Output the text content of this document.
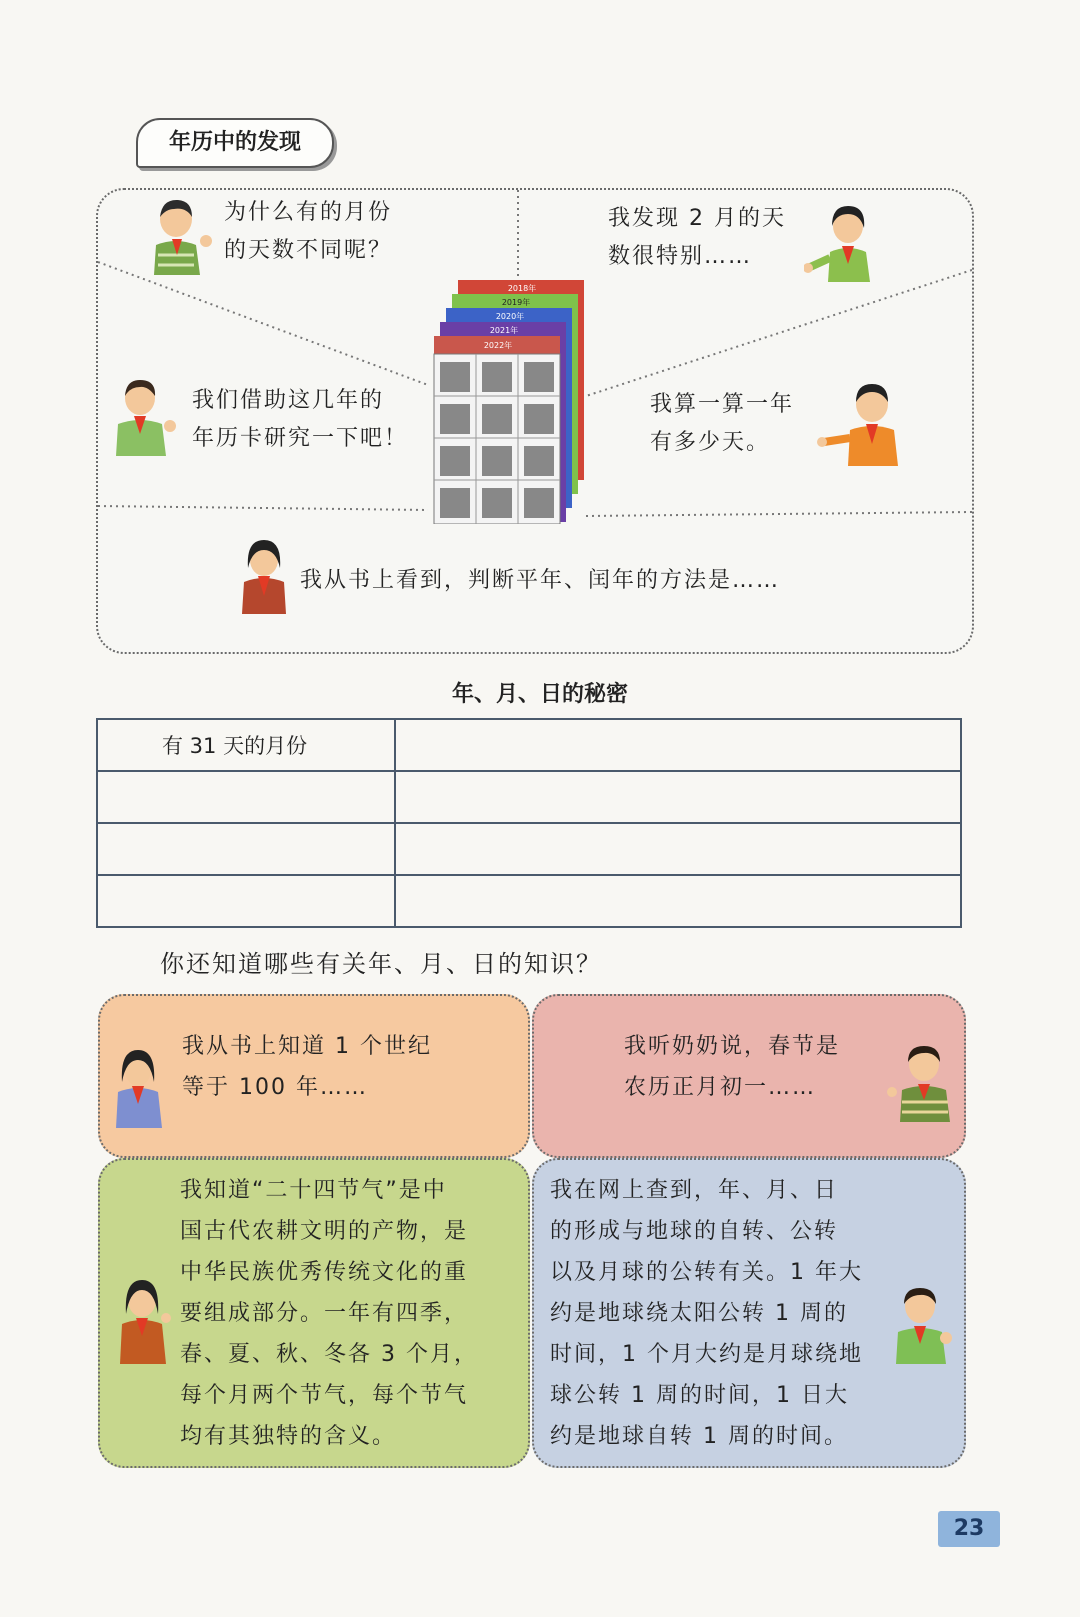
年历中的发现
为什么有的月份
的天数不同呢？
我发现 2 月的天
数很特别……
我们借助这几年的
年历卡研究一下吧！
我算一算一年
有多少天。
2018年
2019年
2020年
2021年
2022年
我从书上看到，判断平年、闰年的方法是……
年、月、日的秘密
有 31 天的月份	

你还知道哪些有关年、月、日的知识？
我从书上知道 1 个世纪
等于 100 年……
我听奶奶说，春节是
农历正月初一……
我知道“二十四节气”是中
国古代农耕文明的产物，是
中华民族优秀传统文化的重
要组成部分。一年有四季，
春、夏、秋、冬各 3 个月，
每个月两个节气，每个节气
均有其独特的含义。
我在网上查到，年、月、日
的形成与地球的自转、公转
以及月球的公转有关。1 年大
约是地球绕太阳公转 1 周的
时间，1 个月大约是月球绕地
球公转 1 周的时间，1 日大
约是地球自转 1 周的时间。
23
